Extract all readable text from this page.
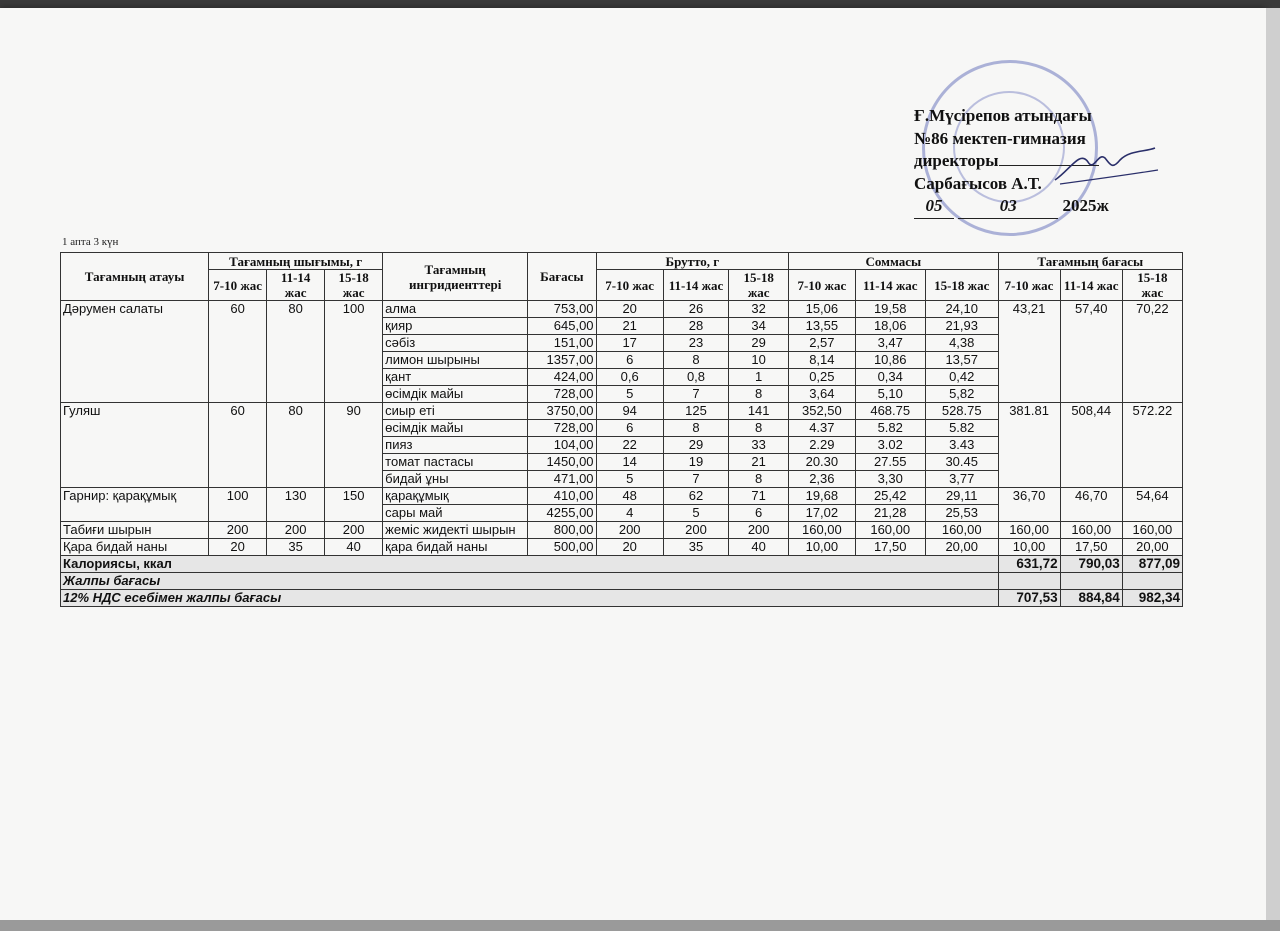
Ғ.Мүсірепов атындағы
№86 мектеп-гимназия
директоры
Сарбағысов А.Т.
05	03	2025ж
1 апта 3 күн
Тағамның атауы	Тағамның шығымы, г			Тағамның ингридиенттері	Бағасы	Брутто, г			Соммасы			Тағамның бағасы		
	7-10 жас	11-14 жас	15-18 жас			7-10 жас	11-14 жас	15-18 жас	7-10 жас	11-14 жас	15-18 жас	7-10 жас	11-14 жас	15-18 жас
Дәрумен салаты	60	80	100	алма	753,00	20	26	32	15,06	19,58	24,10	43,21	57,40	70,22
				қияр	645,00	21	28	34	13,55	18,06	21,93			
				сәбіз	151,00	17	23	29	2,57	3,47	4,38			
				лимон шырыны	1357,00	6	8	10	8,14	10,86	13,57			
				қант	424,00	0,6	0,8	1	0,25	0,34	0,42			
				өсімдік майы	728,00	5	7	8	3,64	5,10	5,82			
Гуляш	60	80	90	сиыр еті	3750,00	94	125	141	352,50	468.75	528.75	381.81	508,44	572.22
				өсімдік майы	728,00	6	8	8	4.37	5.82	5.82			
				пияз	104,00	22	29	33	2.29	3.02	3.43			
				томат пастасы	1450,00	14	19	21	20.30	27.55	30.45			
				бидай ұны	471,00	5	7	8	2,36	3,30	3,77			
Гарнир: қарақұмық	100	130	150	қарақұмық	410,00	48	62	71	19,68	25,42	29,11	36,70	46,70	54,64
				сары май	4255,00	4	5	6	17,02	21,28	25,53			
Табиғи шырын	200	200	200	жеміс жидекті шырын	800,00	200	200	200	160,00	160,00	160,00	160,00	160,00	160,00
Қара бидай наны	20	35	40	қара бидай наны	500,00	20	35	40	10,00	17,50	20,00	10,00	17,50	20,00
Калориясы, ккал												631,72	790,03	877,09
Жалпы бағасы														
12% НДС есебімен жалпы бағасы												707,53	884,84	982,34
